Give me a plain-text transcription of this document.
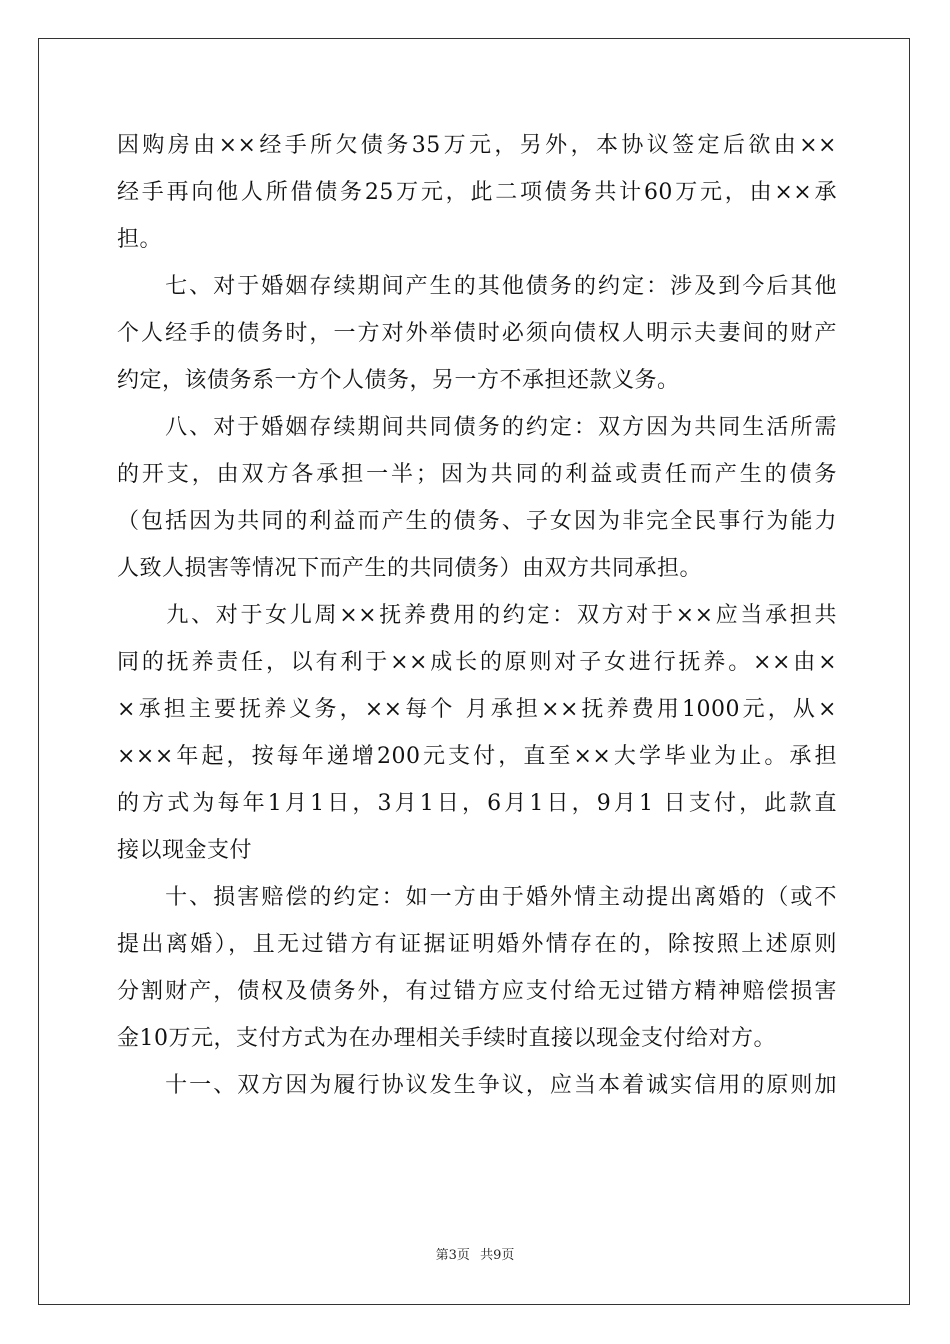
因购房由××经手所欠债务35万元，另外，本协议签定后欲由××
经手再向他人所借债务25万元，此二项债务共计60万元，由××承
担。
　　七、对于婚姻存续期间产生的其他债务的约定：涉及到今后其他
个人经手的债务时，一方对外举债时必须向债权人明示夫妻间的财产
约定，该债务系一方个人债务，另一方不承担还款义务。
　　八、对于婚姻存续期间共同债务的约定：双方因为共同生活所需
的开支，由双方各承担一半；因为共同的利益或责任而产生的债务
（包括因为共同的利益而产生的债务、子女因为非完全民事行为能力
人致人损害等情况下而产生的共同债务）由双方共同承担。
　　九、对于女儿周××抚养费用的约定：双方对于××应当承担共
同的抚养责任，以有利于××成长的原则对子女进行抚养。××由×
×承担主要抚养义务，××每个 月承担××抚养费用1000元，从×
×××年起，按每年递增200元支付，直至××大学毕业为止。承担
的方式为每年1月1日，3月1日，6月1日，9月1 日支付，此款直
接以现金支付
　　十、损害赔偿的约定：如一方由于婚外情主动提出离婚的（或不
提出离婚），且无过错方有证据证明婚外情存在的，除按照上述原则
分割财产，债权及债务外，有过错方应支付给无过错方精神赔偿损害
金10万元，支付方式为在办理相关手续时直接以现金支付给对方。
　　十一、双方因为履行协议发生争议，应当本着诚实信用的原则加
第3页 共9页
